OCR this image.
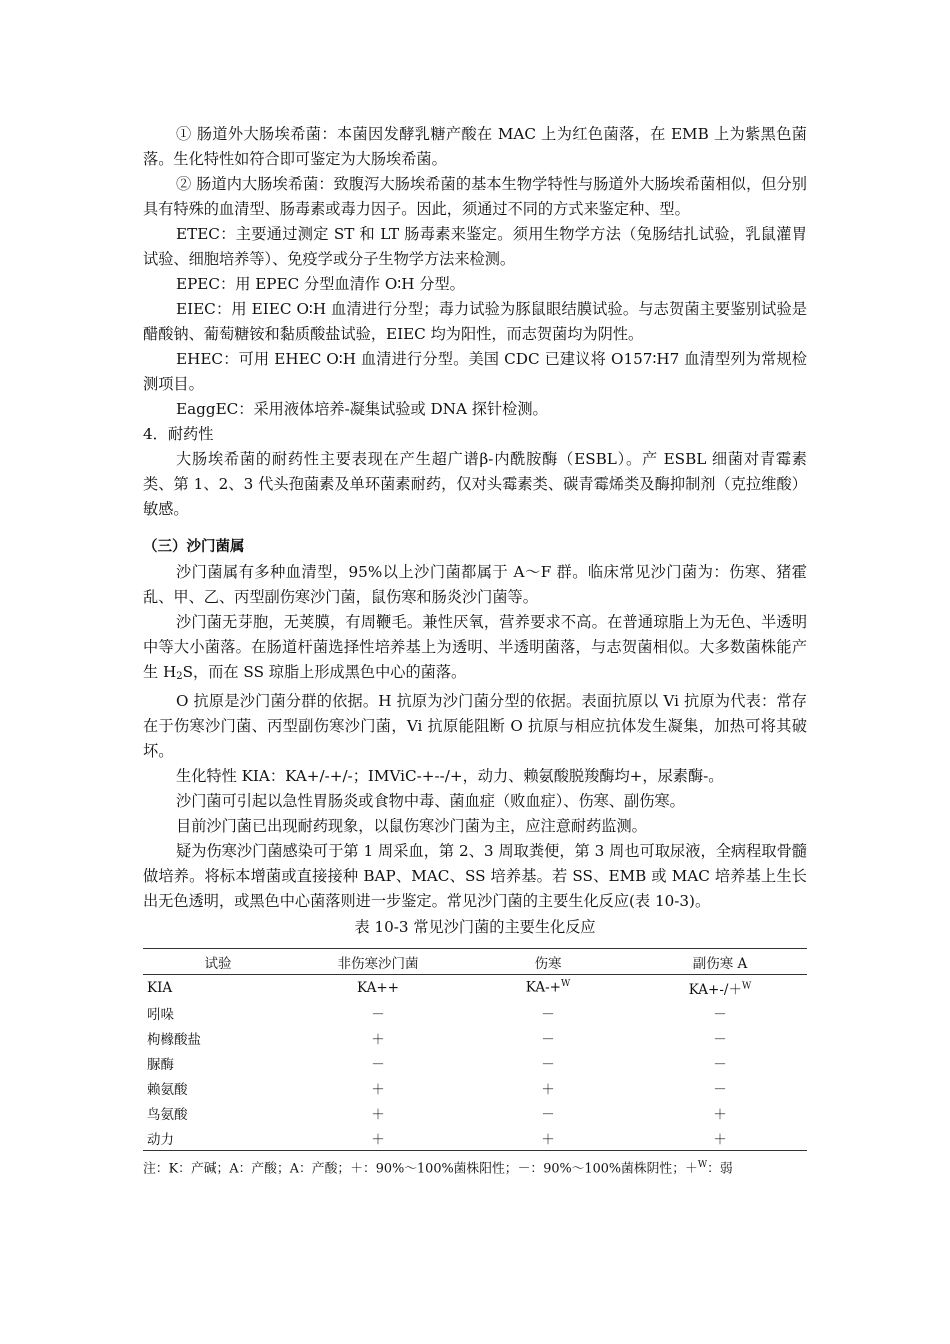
① 肠道外大肠埃希菌：本菌因发酵乳糖产酸在 MAC 上为红色菌落，在 EMB 上为紫黑色菌落。生化特性如符合即可鉴定为大肠埃希菌。

② 肠道内大肠埃希菌：致腹泻大肠埃希菌的基本生物学特性与肠道外大肠埃希菌相似，但分别具有特殊的血清型、肠毒素或毒力因子。因此，须通过不同的方式来鉴定种、型。

ETEC：主要通过测定 ST 和 LT 肠毒素来鉴定。须用生物学方法（兔肠结扎试验，乳鼠灌胃试验、细胞培养等）、免疫学或分子生物学方法来检测。

EPEC：用 EPEC 分型血清作 O∶H 分型。

EIEC：用 EIEC O∶H 血清进行分型；毒力试验为豚鼠眼结膜试验。与志贺菌主要鉴别试验是醋酸钠、葡萄糖铵和黏质酸盐试验，EIEC 均为阳性，而志贺菌均为阴性。

EHEC：可用 EHEC O∶H 血清进行分型。美国 CDC 已建议将 O157∶H7 血清型列为常规检测项目。

EaggEC：采用液体培养-凝集试验或 DNA 探针检测。

4．耐药性

大肠埃希菌的耐药性主要表现在产生超广谱β-内酰胺酶（ESBL）。产 ESBL 细菌对青霉素类、第 1、2、3 代头孢菌素及单环菌素耐药，仅对头霉素类、碳青霉烯类及酶抑制剂（克拉维酸）敏感。

（三）沙门菌属

沙门菌属有多种血清型，95%以上沙门菌都属于 A～F 群。临床常见沙门菌为：伤寒、猪霍乱、甲、乙、丙型副伤寒沙门菌，鼠伤寒和肠炎沙门菌等。

沙门菌无芽胞，无荚膜，有周鞭毛。兼性厌氧，营养要求不高。在普通琼脂上为无色、半透明中等大小菌落。在肠道杆菌选择性培养基上为透明、半透明菌落，与志贺菌相似。大多数菌株能产生 $H_2S$，而在 SS 琼脂上形成黑色中心的菌落。

O 抗原是沙门菌分群的依据。H 抗原为沙门菌分型的依据。表面抗原以 Vi 抗原为代表：常存在于伤寒沙门菌、丙型副伤寒沙门菌，Vi 抗原能阻断 O 抗原与相应抗体发生凝集，加热可将其破坏。

生化特性 KIA：KA+/-+/-；IMViC-+--/+，动力、赖氨酸脱羧酶均+，尿素酶-。

沙门菌可引起以急性胃肠炎或食物中毒、菌血症（败血症）、伤寒、副伤寒。

目前沙门菌已出现耐药现象，以鼠伤寒沙门菌为主，应注意耐药监测。

疑为伤寒沙门菌感染可于第 1 周采血，第 2、3 周取粪便，第 3 周也可取尿液，全病程取骨髓做培养。将标本增菌或直接接种 BAP、MAC、SS 培养基。若 SS、EMB 或 MAC 培养基上生长出无色透明，或黑色中心菌落则进一步鉴定。常见沙门菌的主要生化反应(表 10-3)。

表 10-3 常见沙门菌的主要生化反应

试验	非伤寒沙门菌	伤寒	副伤寒 A
KIA	KA++	KA-+$^W$	KA+-/＋$^W$
吲哚	－	－	－
枸橼酸盐	＋	－	－
脲酶	－	－	－
赖氨酸	＋	＋	－
鸟氨酸	＋	－	＋
动力	＋	＋	＋
注：K：产碱；A：产酸；A：产酸；＋：90%～100%菌株阳性；－：90%～100%菌株阴性；＋$^W$：弱
